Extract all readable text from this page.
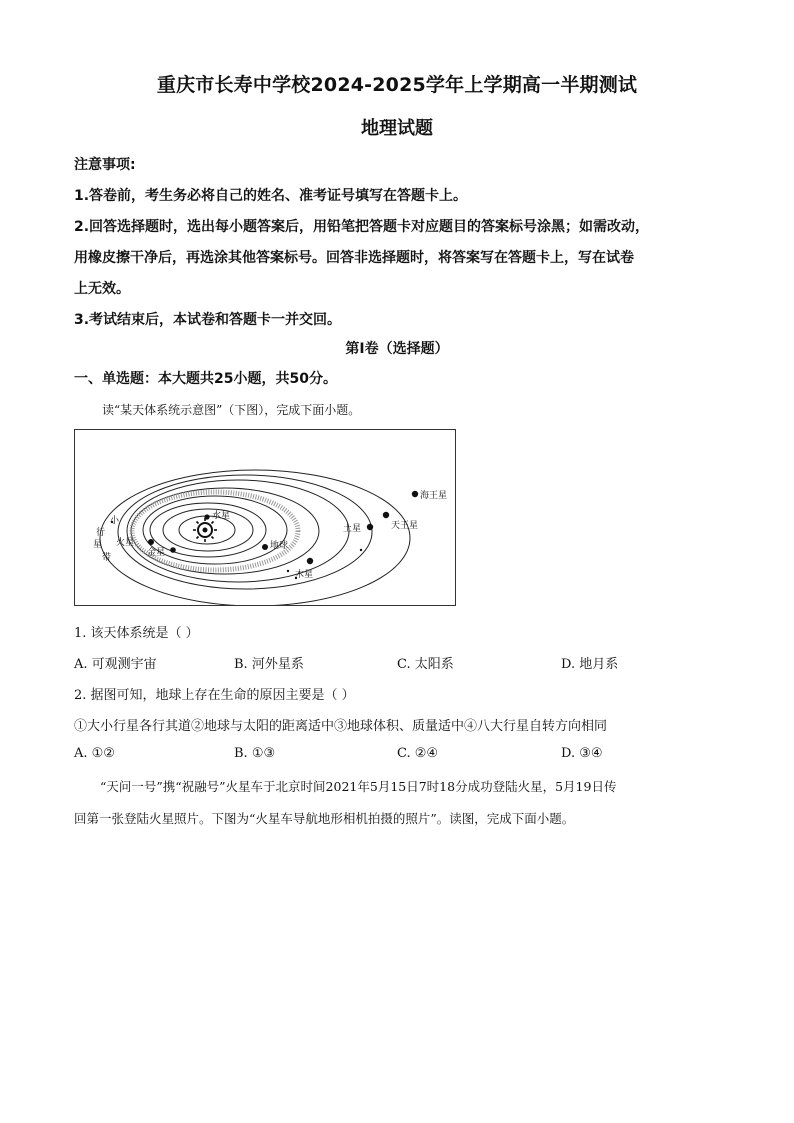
重庆市长寿中学校2024-2025学年上学期高一半期测试
地理试题

注意事项:

1.答卷前，考生务必将自己的姓名、准考证号填写在答题卡上。

2.回答选择题时，选出每小题答案后，用铅笔把答题卡对应题目的答案标号涂黑；如需改动，

用橡皮擦干净后，再选涂其他答案标号。回答非选择题时，将答案写在答题卡上，写在试卷

上无效。

3.考试结束后，本试卷和答题卡一并交回。

第I卷（选择题）
一、单选题：本大题共25小题，共50分。
读“某天体系统示意图”（下图），完成下面小题。
水星
金星
火星	地球
木星
土星	天王星
海王星
小
行
星
带
1. 该天体系统是（ ）
A. 可观测宇宙	B. 河外星系	C. 太阳系	D. 地月系
2. 据图可知，地球上存在生命的原因主要是（ ）
①大小行星各行其道②地球与太阳的距离适中③地球体积、质量适中④八大行星自转方向相同
A. ①②	B. ①③	C. ②④	D. ③④

“天问一号”携“祝融号”火星车于北京时间2021年5月15日7时18分成功登陆火星，5月19日传

回第一张登陆火星照片。下图为“火星车导航地形相机拍摄的照片”。读图，完成下面小题。
